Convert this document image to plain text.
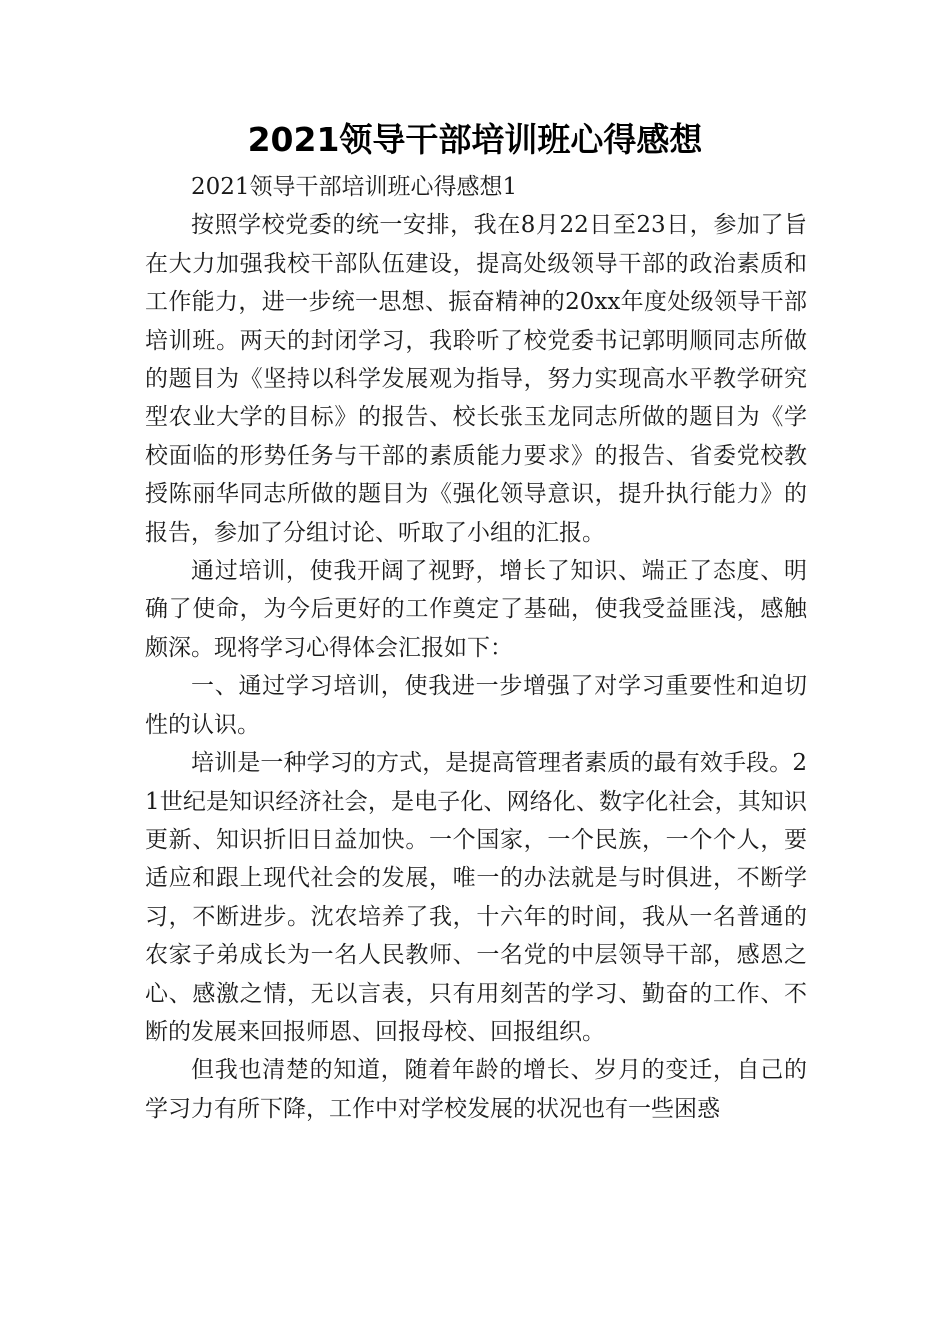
2021领导干部培训班心得感想

2021领导干部培训班心得感想1

按照学校党委的统一安排，我在8月22日至23日，参加了旨在大力加强我校干部队伍建设，提高处级领导干部的政治素质和工作能力，进一步统一思想、振奋精神的20xx年度处级领导干部培训班。两天的封闭学习，我聆听了校党委书记郭明顺同志所做的题目为《坚持以科学发展观为指导，努力实现高水平教学研究型农业大学的目标》的报告、校长张玉龙同志所做的题目为《学校面临的形势任务与干部的素质能力要求》的报告、省委党校教授陈丽华同志所做的题目为《强化领导意识，提升执行能力》的报告，参加了分组讨论、听取了小组的汇报。

通过培训，使我开阔了视野，增长了知识、端正了态度、明确了使命，为今后更好的工作奠定了基础，使我受益匪浅，感触颇深。现将学习心得体会汇报如下：

一、通过学习培训，使我进一步增强了对学习重要性和迫切性的认识。

培训是一种学习的方式，是提高管理者素质的最有效手段。21世纪是知识经济社会，是电子化、网络化、数字化社会，其知识更新、知识折旧日益加快。一个国家，一个民族，一个个人，要适应和跟上现代社会的发展，唯一的办法就是与时俱进，不断学习，不断进步。沈农培养了我，十六年的时间，我从一名普通的农家子弟成长为一名人民教师、一名党的中层领导干部，感恩之心、感激之情，无以言表，只有用刻苦的学习、勤奋的工作、不断的发展来回报师恩、回报母校、回报组织。

但我也清楚的知道，随着年龄的增长、岁月的变迁，自己的学习力有所下降，工作中对学校发展的状况也有一些困惑
